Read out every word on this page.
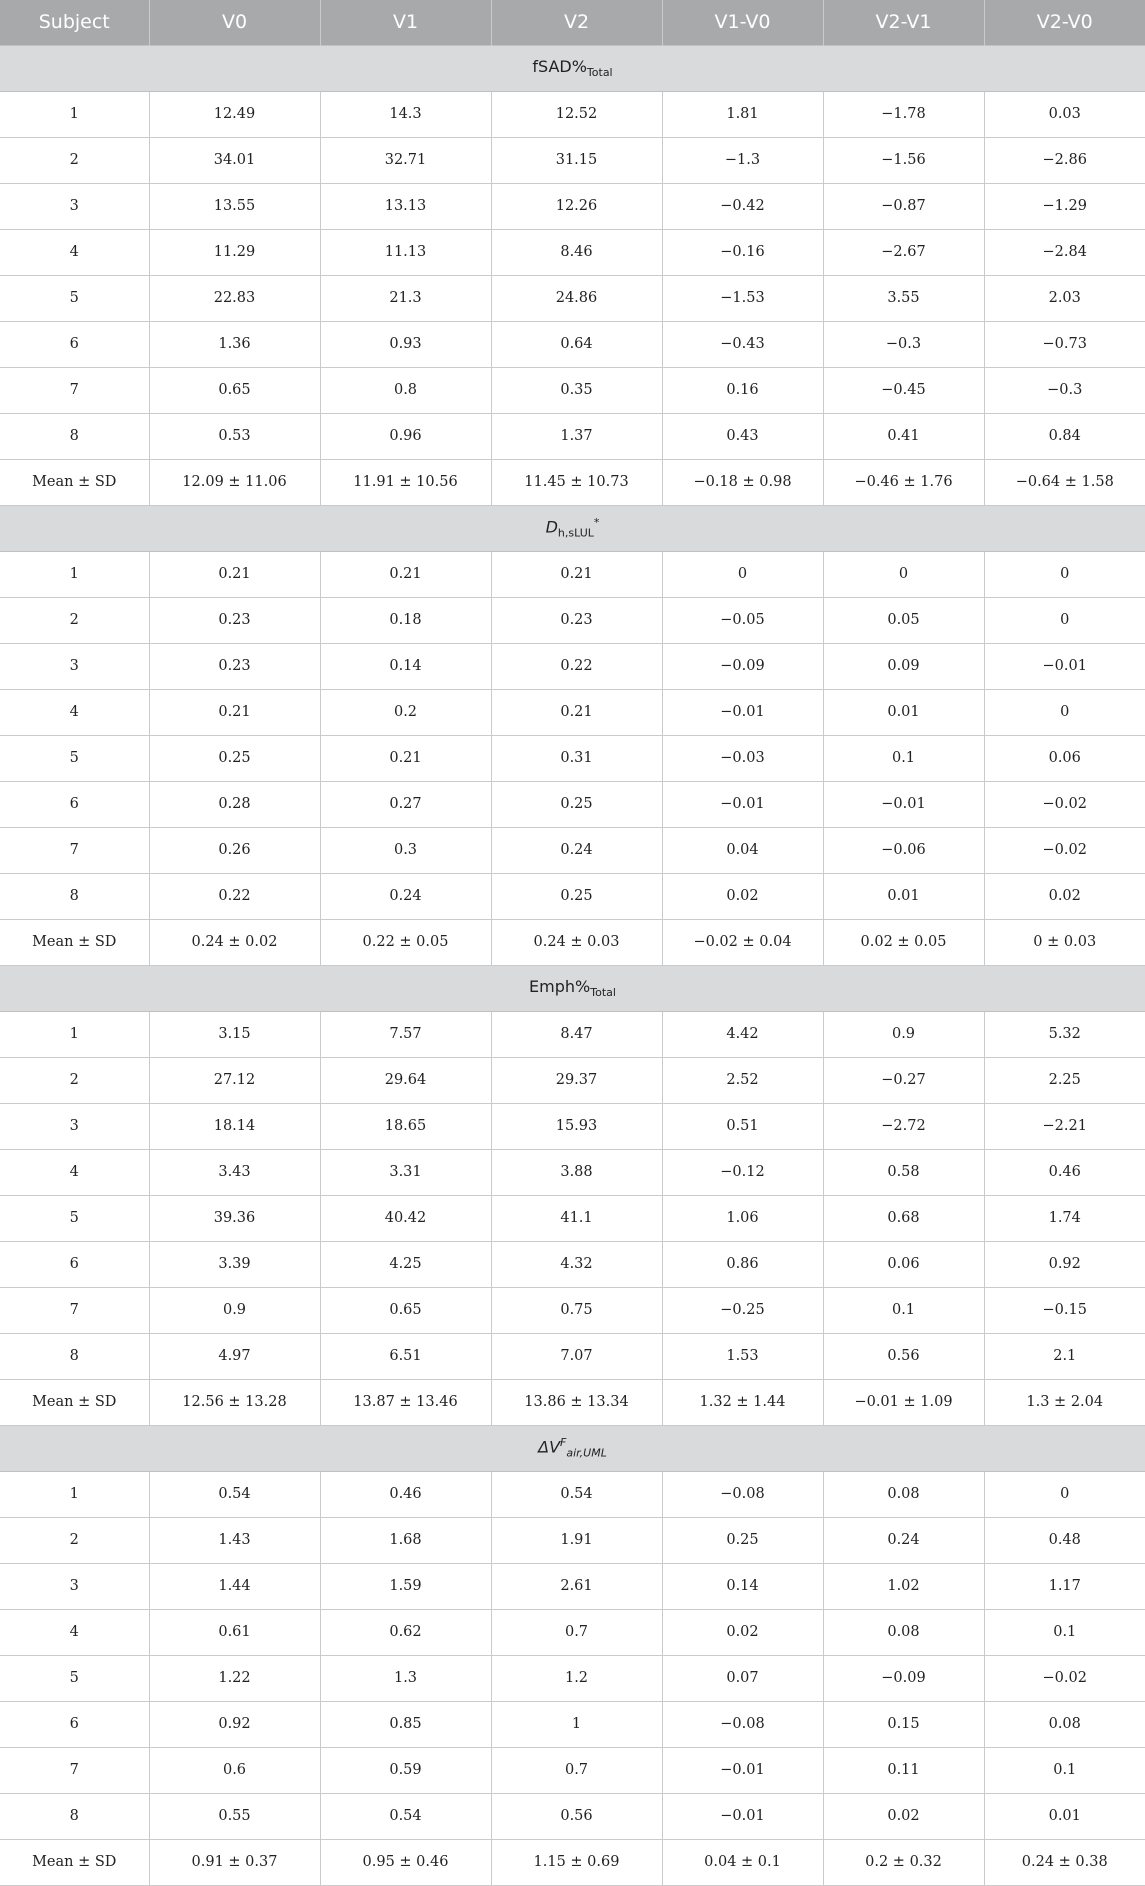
Subject	V0	V1	V2	V1-V0	V2-V1	V2-V0
$fSAD\%_{Total}$
1	12.49	14.3	12.52	1.81	−1.78	0.03
2	34.01	32.71	31.15	−1.3	−1.56	−2.86
3	13.55	13.13	12.26	−0.42	−0.87	−1.29
4	11.29	11.13	8.46	−0.16	−2.67	−2.84
5	22.83	21.3	24.86	−1.53	3.55	2.03
6	1.36	0.93	0.64	−0.43	−0.3	−0.73
7	0.65	0.8	0.35	0.16	−0.45	−0.3
8	0.53	0.96	1.37	0.43	0.41	0.84
Mean ± SD	12.09 ± 11.06	11.91 ± 10.56	11.45 ± 10.73	−0.18 ± 0.98	−0.46 ± 1.76	−0.64 ± 1.58
$D_{h,sLUL}^*$
1	0.21	0.21	0.21	0	0	0
2	0.23	0.18	0.23	−0.05	0.05	0
3	0.23	0.14	0.22	−0.09	0.09	−0.01
4	0.21	0.2	0.21	−0.01	0.01	0
5	0.25	0.21	0.31	−0.03	0.1	0.06
6	0.28	0.27	0.25	−0.01	−0.01	−0.02
7	0.26	0.3	0.24	0.04	−0.06	−0.02
8	0.22	0.24	0.25	0.02	0.01	0.02
Mean ± SD	0.24 ± 0.02	0.22 ± 0.05	0.24 ± 0.03	−0.02 ± 0.04	0.02 ± 0.05	0 ± 0.03
$Emph\%_{Total}$
1	3.15	7.57	8.47	4.42	0.9	5.32
2	27.12	29.64	29.37	2.52	−0.27	2.25
3	18.14	18.65	15.93	0.51	−2.72	−2.21
4	3.43	3.31	3.88	−0.12	0.58	0.46
5	39.36	40.42	41.1	1.06	0.68	1.74
6	3.39	4.25	4.32	0.86	0.06	0.92
7	0.9	0.65	0.75	−0.25	0.1	−0.15
8	4.97	6.51	7.07	1.53	0.56	2.1
Mean ± SD	12.56 ± 13.28	13.87 ± 13.46	13.86 ± 13.34	1.32 ± 1.44	−0.01 ± 1.09	1.3 ± 2.04
$\Delta V^F_{air,UML}$
1	0.54	0.46	0.54	−0.08	0.08	0
2	1.43	1.68	1.91	0.25	0.24	0.48
3	1.44	1.59	2.61	0.14	1.02	1.17
4	0.61	0.62	0.7	0.02	0.08	0.1
5	1.22	1.3	1.2	0.07	−0.09	−0.02
6	0.92	0.85	1	−0.08	0.15	0.08
7	0.6	0.59	0.7	−0.01	0.11	0.1
8	0.55	0.54	0.56	−0.01	0.02	0.01
Mean ± SD	0.91 ± 0.37	0.95 ± 0.46	1.15 ± 0.69	0.04 ± 0.1	0.2 ± 0.32	0.24 ± 0.38
